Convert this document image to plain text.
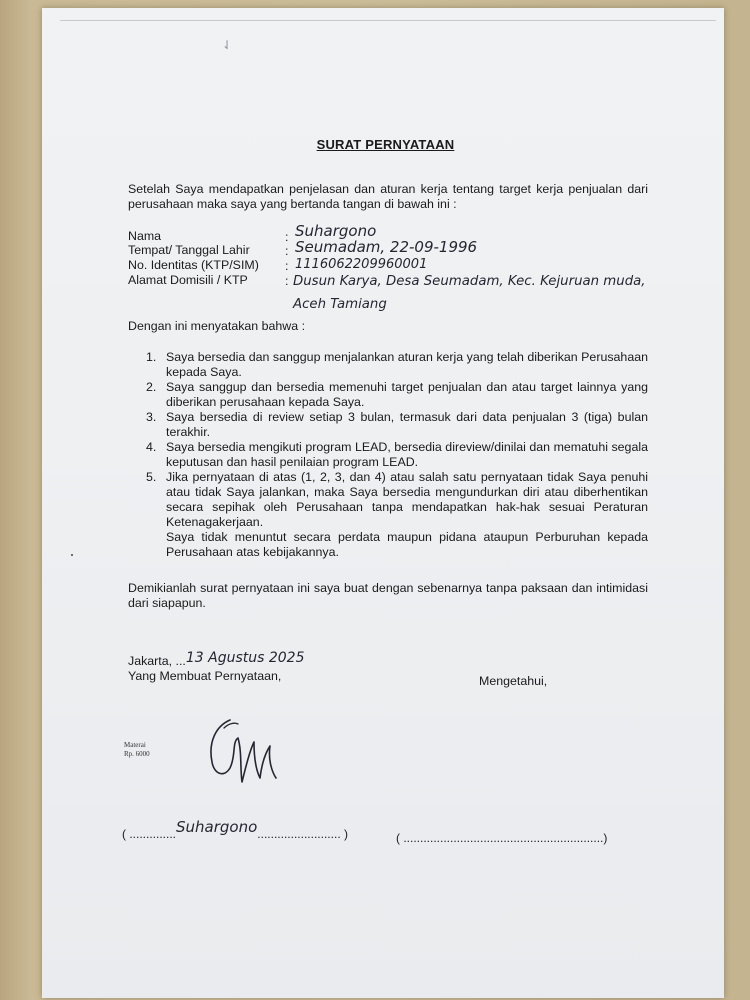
⇃
SURAT PERNYATAAN
Setelah Saya mendapatkan penjelasan dan aturan kerja tentang target kerja penjualan dari perusahaan maka saya yang bertanda tangan di bawah ini :
Nama	: Suhargono
Tempat/ Tanggal Lahir	: Seumadam, 22-09-1996
No. Identitas (KTP/SIM)	: 1116062209960001
Alamat Domisili / KTP	: Dusun Karya, Desa Seumadam, Kec. Kejuruan muda,
Aceh Tamiang
Dengan ini menyatakan bahwa :
1. Saya bersedia dan sanggup menjalankan aturan kerja yang telah diberikan Perusahaan kepada Saya.
2. Saya sanggup dan bersedia memenuhi target penjualan dan atau target lainnya yang diberikan perusahaan kepada Saya.
3. Saya bersedia di review setiap 3 bulan, termasuk dari data penjualan 3 (tiga) bulan terakhir.
4. Saya bersedia mengikuti program LEAD, bersedia direview/dinilai dan mematuhi segala keputusan dan hasil penilaian program LEAD.
5. Jika pernyataan di atas (1, 2, 3, dan 4) atau salah satu pernyataan tidak Saya penuhi atau tidak Saya jalankan, maka Saya bersedia mengundurkan diri atau diberhentikan secara sepihak oleh Perusahaan tanpa mendapatkan hak-hak sesuai Peraturan Ketenagakerjaan.
Saya tidak menuntut secara perdata maupun pidana ataupun Perburuhan kepada Perusahaan atas kebijakannya.
Demikianlah surat pernyataan ini saya buat dengan sebenarnya tanpa paksaan dan intimidasi dari siapapun.
Jakarta, ...13 Agustus 2025
Yang Membuat Pernyataan,	Mengetahui,
Materai
Rp. 6000
( ..............Suhargono......................... )	( ............................................................)
